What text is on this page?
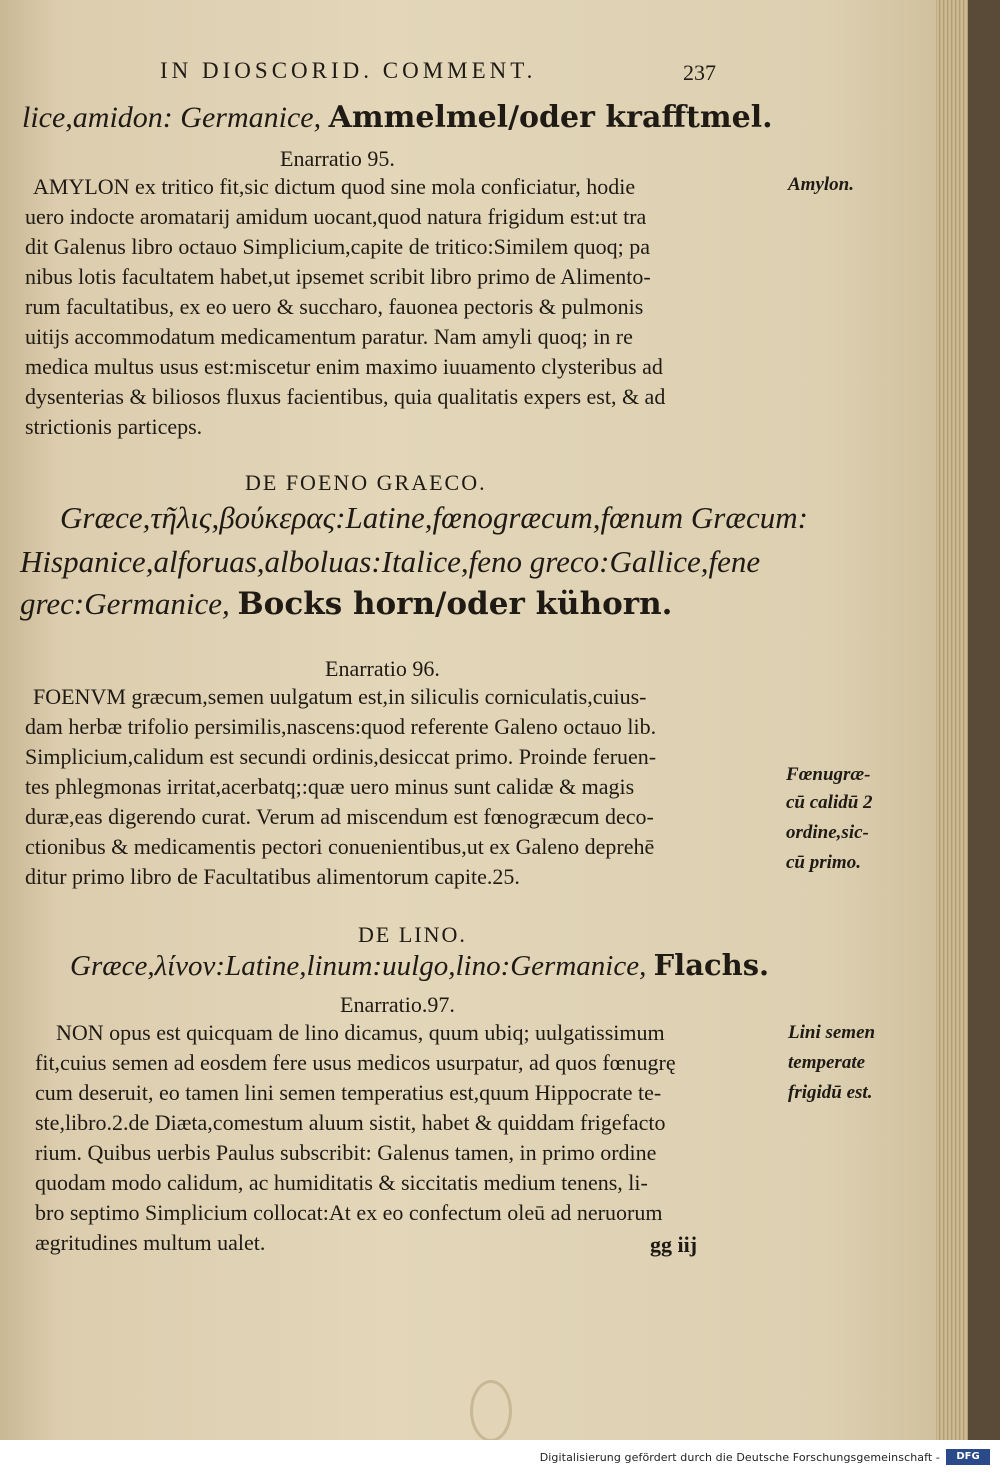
IN DIOSCORID. COMMENT.	237
lice,amidon: Germanice, Ammelmel/oder krafftmel.
Enarratio 95.
AMYLON ex tritico fit,sic dictum quod sine mola conficiatur, hodie
uero indocte aromatarij amidum uocant,quod natura frigidum est:ut tra
dit Galenus libro octauo Simplicium,capite de tritico:Similem quoq; pa
nibus lotis facultatem habet,ut ipsemet scribit libro primo de Alimento-
rum facultatibus, ex eo uero & succharo, fauonea pectoris & pulmonis
uitijs accommodatum medicamentum paratur. Nam amyli quoq; in re
medica multus usus est:miscetur enim maximo iuuamento clysteribus ad
dysenterias & biliosos fluxus facientibus, quia qualitatis expers est, & ad
strictionis particeps.
Amylon.
DE FOENO GRAECO.
Græce,τῆλις,βούκερας:Latine,fœnogræcum,fœnum Græcum:
Hispanice,alforuas,alboluas:Italice,feno greco:Gallice,fene
grec:Germanice, Bocks horn/oder kühorn.
Enarratio 96.
FOENVM græcum,semen uulgatum est,in siliculis corniculatis,cuius-
dam herbæ trifolio persimilis,nascens:quod referente Galeno octauo lib.
Simplicium,calidum est secundi ordinis,desiccat primo. Proinde feruen-
tes phlegmonas irritat,acerbatq;:quæ uero minus sunt calidæ & magis
duræ,eas digerendo curat. Verum ad miscendum est fœnogræcum deco-
ctionibus & medicamentis pectori conuenientibus,ut ex Galeno deprehē
ditur primo libro de Facultatibus alimentorum capite.25.
Fœnugræ-
cū calidū 2
ordine,sic-
cū primo.
DE LINO.
Græce,λίνον:Latine,linum:uulgo,lino:Germanice, Flachs.
Enarratio.97.
NON opus est quicquam de lino dicamus, quum ubiq; uulgatissimum
fit,cuius semen ad eosdem fere usus medicos usurpatur, ad quos fœnugrę
cum deseruit, eo tamen lini semen temperatius est,quum Hippocrate te-
ste,libro.2.de Diæta,comestum aluum sistit, habet & quiddam frigefacto
rium. Quibus uerbis Paulus subscribit: Galenus tamen, in primo ordine
quodam modo calidum, ac humiditatis & siccitatis medium tenens, li-
bro septimo Simplicium collocat:At ex eo confectum oleū ad neruorum
ægritudines multum ualet.
Lini semen
temperate
frigidū est.
gg iij
Digitalisierung gefördert durch die Deutsche Forschungsgemeinschaft -	DFG
